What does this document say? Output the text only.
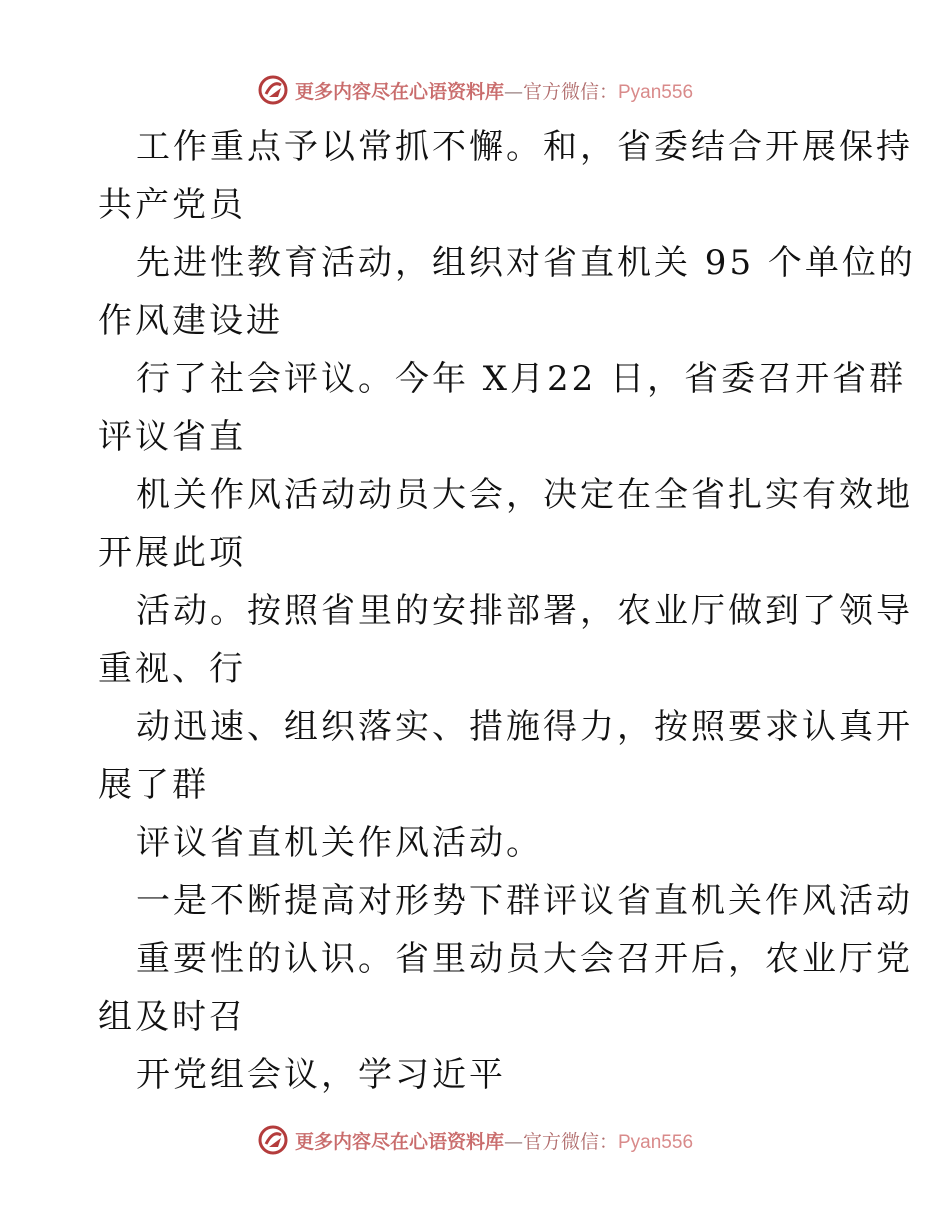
更多内容尽在心语资料库—官方微信：Pyan556

工作重点予以常抓不懈。和，省委结合开展保持
共产党员

先进性教育活动，组织对省直机关 95 个单位的
作风建设进

行了社会评议。今年 X月22 日，省委召开省群
评议省直

机关作风活动动员大会，决定在全省扎实有效地
开展此项

活动。按照省里的安排部署，农业厅做到了领导
重视、行

动迅速、组织落实、措施得力，按照要求认真开
展了群

评议省直机关作风活动。

一是不断提高对形势下群评议省直机关作风活动

重要性的认识。省里动员大会召开后，农业厅党
组及时召

开党组会议，学习近平

更多内容尽在心语资料库—官方微信：Pyan556
